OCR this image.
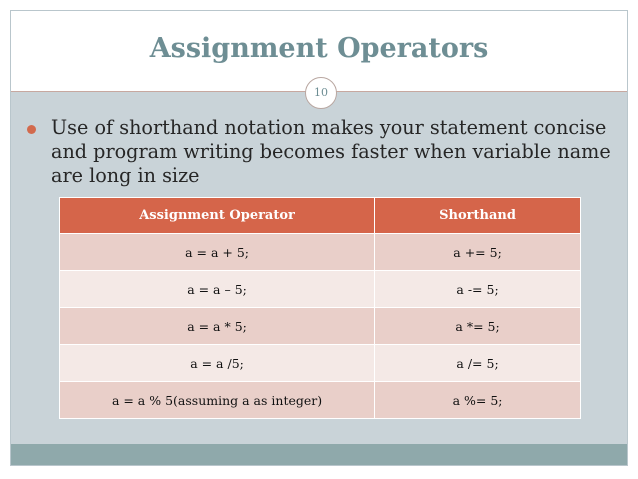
Assignment Operators
10
Use of shorthand notation makes your statement concise and program writing becomes faster when variable name are long in size
Assignment Operator	Shorthand
a = a + 5;	a += 5;
a = a – 5;	a -= 5;
a = a * 5;	a *= 5;
a = a /5;	a /= 5;
a = a % 5(assuming a as integer)	a %= 5;
